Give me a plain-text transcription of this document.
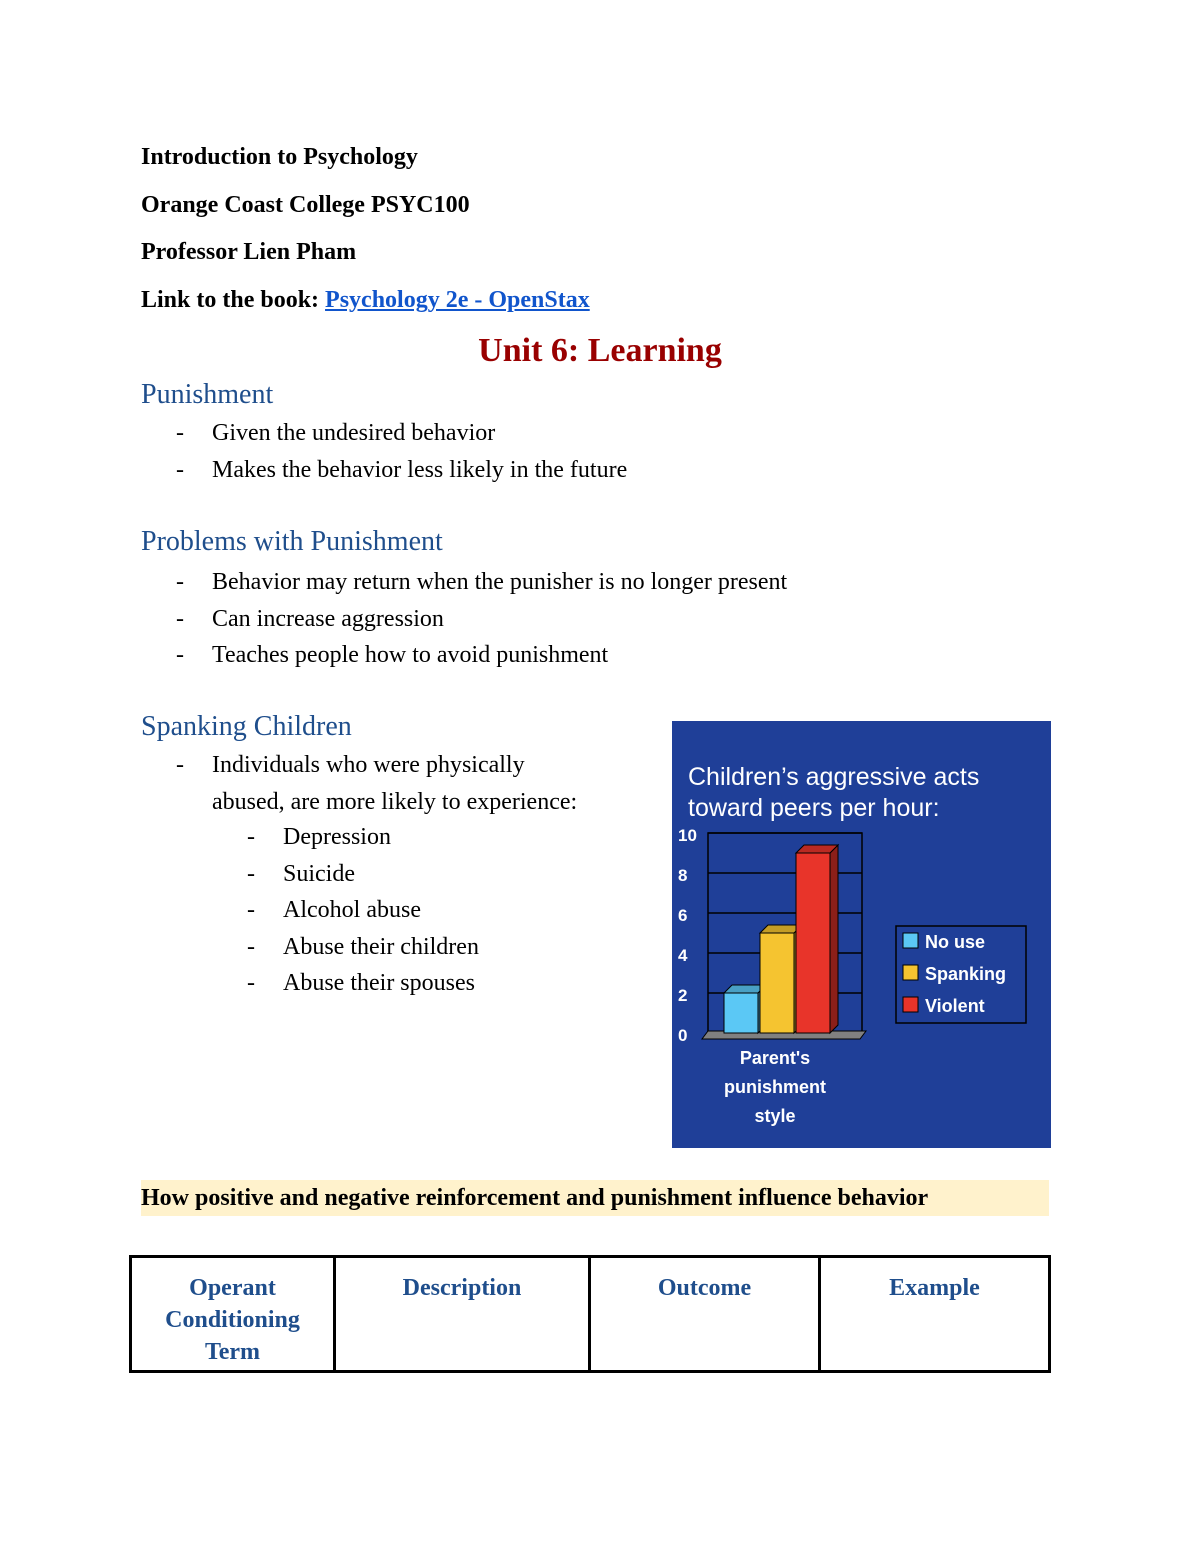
Introduction to Psychology
Orange Coast College PSYC100
Professor Lien Pham
Link to the book: Psychology 2e - OpenStax
Unit 6: Learning
Punishment
- Given the undesired behavior
- Makes the behavior less likely in the future
Problems with Punishment
- Behavior may return when the punisher is no longer present
- Can increase aggression
- Teaches people how to avoid punishment
Spanking Children
- Individuals who were physically
abused, are more likely to experience:
- Depression
- Suicide
- Alcohol abuse
- Abuse their children
- Abuse their spouses
Children’s aggressive acts
toward peers per hour:
0
2
4
6
8
10
Parent's
punishment
style
No use
Spanking
Violent
How positive and negative reinforcement and punishment influence behavior
Operant Conditioning Term	Description	Outcome	Example
